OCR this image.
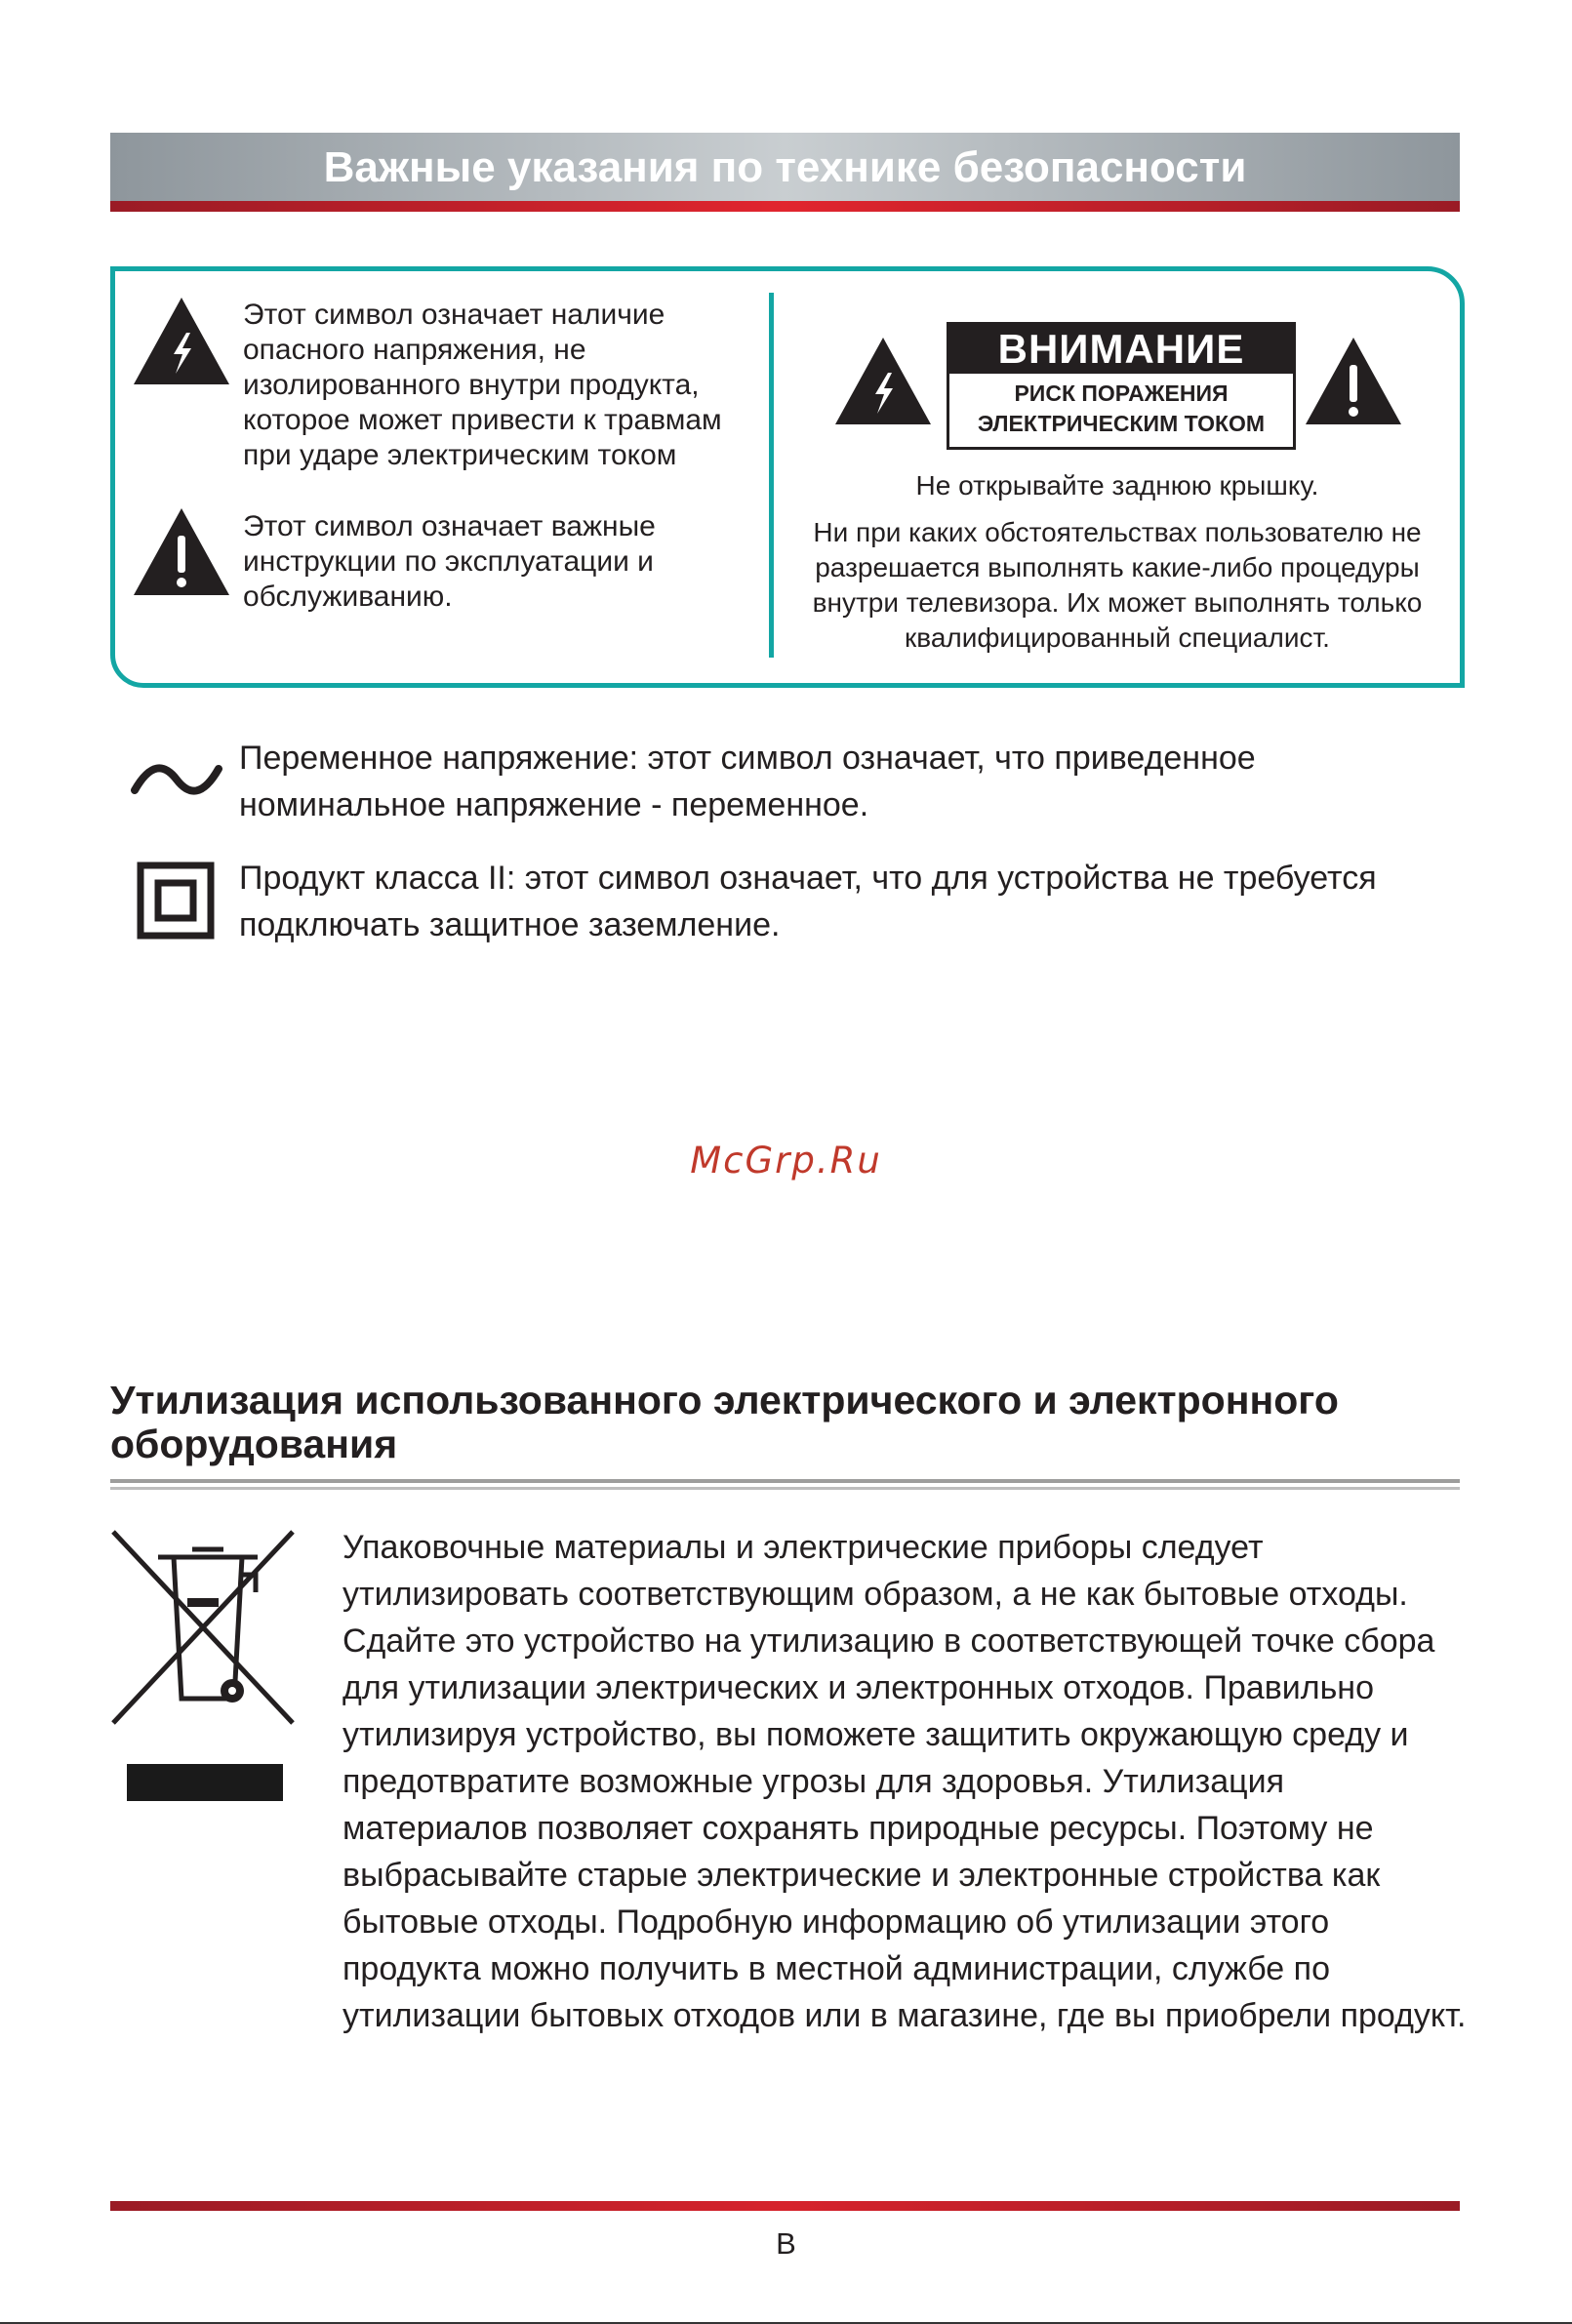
Важные указания по технике безопасности
Этот символ означает наличие опасного напряжения, не изолированного внутри продукта, которое может привести к травмам при ударе электрическим током
Этот символ означает важные инструкции по эксплуатации и обслуживанию.
ВНИМАНИЕ
РИСК ПОРАЖЕНИЯ
ЭЛЕКТРИЧЕСКИМ ТОКОМ
Не открывайте заднюю крышку.
Ни при каких обстоятельствах пользователю не разрешается выполнять какие-либо процедуры внутри телевизора. Их может выполнять только квалифицированный специалист.
Переменное напряжение: этот символ означает, что приведенное номинальное напряжение - переменное.
Продукт класса II: этот символ означает, что для устройства не требуется подключать защитное заземление.
McGrp.Ru
Утилизация использованного электрического и электронного оборудования
Упаковочные материалы и электрические приборы следует утилизировать соответствующим образом, а не как бытовые отходы. Сдайте это устройство на утилизацию в соответствующей точке сбора для утилизации электрических и электронных отходов. Правильно утилизируя устройство, вы поможете защитить окружающую среду и предотвратите возможные угрозы для здоровья. Утилизация материалов позволяет сохранять природные ресурсы. Поэтому не выбрасывайте старые электрические и электронные стройства как бытовые отходы. Подробную информацию об утилизации этого продукта можно получить в местной администрации, службе по утилизации бытовых отходов или в магазине, где вы приобрели продукт.
В
